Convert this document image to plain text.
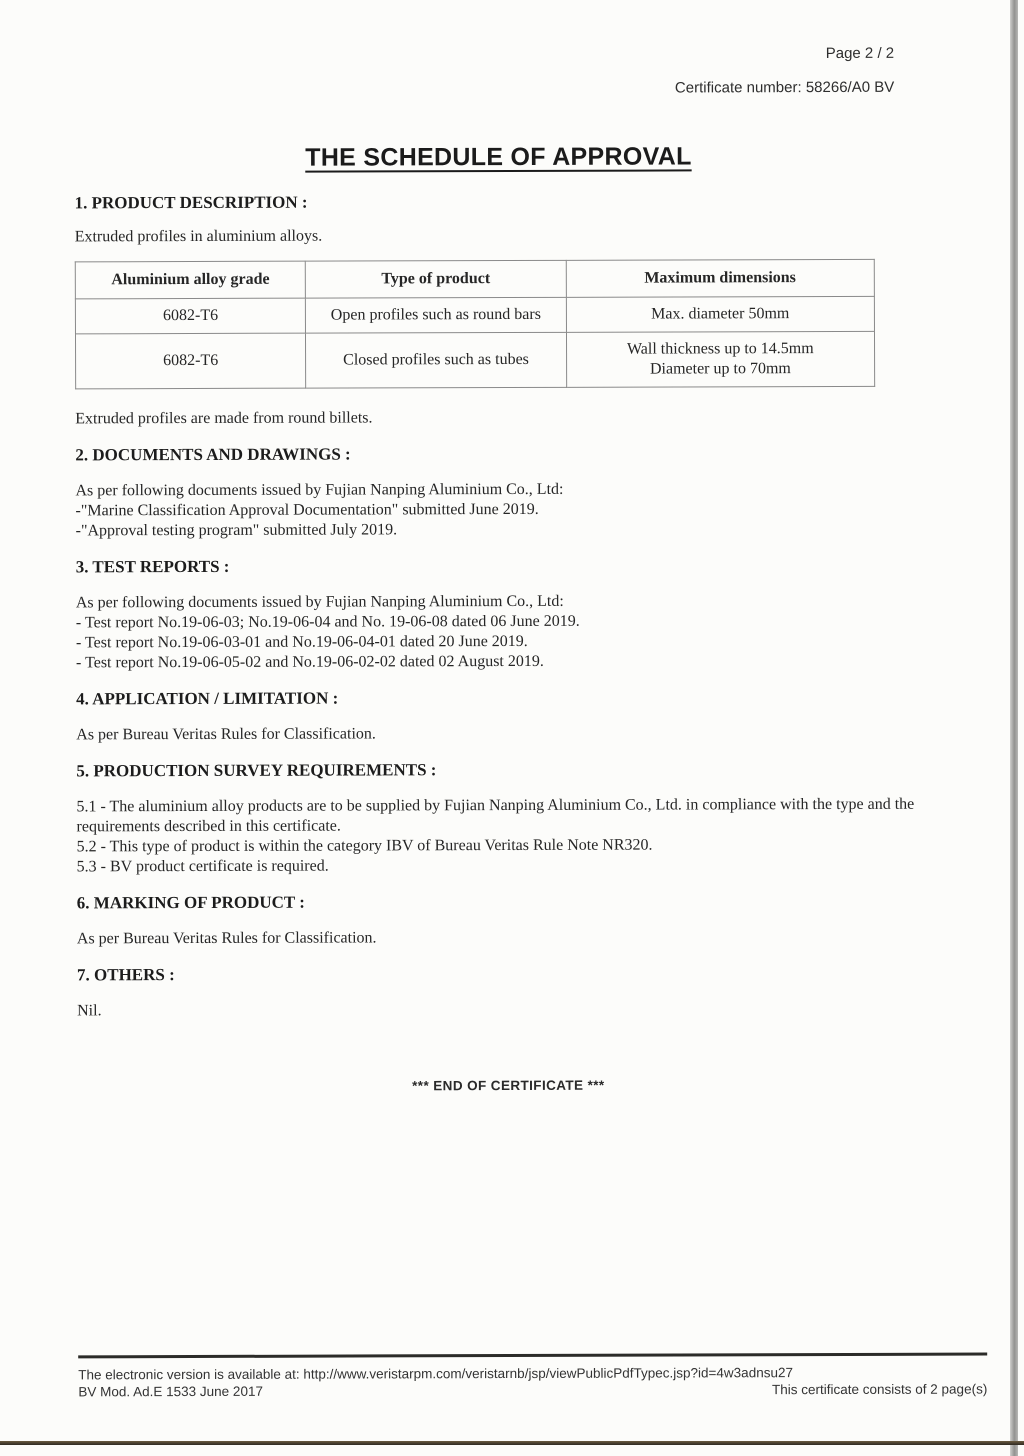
Page 2 / 2
Certificate number: 58266/A0 BV
THE SCHEDULE OF APPROVAL
1. PRODUCT DESCRIPTION :
Extruded profiles in aluminium alloys.
Aluminium alloy grade	Type of product	Maximum dimensions
6082-T6	Open profiles such as round bars	Max. diameter 50mm
6082-T6	Closed profiles such as tubes	Wall thickness up to 14.5mm
Diameter up to 70mm
Extruded profiles are made from round billets.
2. DOCUMENTS AND DRAWINGS :
As per following documents issued by Fujian Nanping Aluminium Co., Ltd:
-"Marine Classification Approval Documentation" submitted June 2019.
-"Approval testing program" submitted July 2019.
3. TEST REPORTS :
As per following documents issued by Fujian Nanping Aluminium Co., Ltd:
- Test report No.19-06-03; No.19-06-04 and No. 19-06-08 dated 06 June 2019.
- Test report No.19-06-03-01 and No.19-06-04-01 dated 20 June 2019.
- Test report No.19-06-05-02 and No.19-06-02-02 dated 02 August 2019.
4. APPLICATION / LIMITATION :
As per Bureau Veritas Rules for Classification.
5. PRODUCTION SURVEY REQUIREMENTS :
5.1 - The aluminium alloy products are to be supplied by Fujian Nanping Aluminium Co., Ltd. in compliance with the type and the requirements described in this certificate.
5.2 - This type of product is within the category IBV of Bureau Veritas Rule Note NR320.
5.3 - BV product certificate is required.
6. MARKING OF PRODUCT :
As per Bureau Veritas Rules for Classification.
7. OTHERS :
Nil.
*** END OF CERTIFICATE ***
The electronic version is available at: http://www.veristarpm.com/veristarnb/jsp/viewPublicPdfTypec.jsp?id=4w3adnsu27
BV Mod. Ad.E 1533 June 2017	This certificate consists of 2 page(s)
